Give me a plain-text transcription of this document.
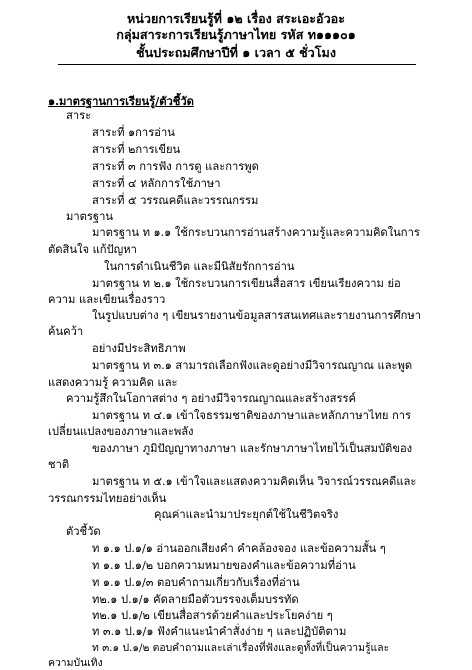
หน่วยการเรียนรู้ที่ ๑๒ เรื่อง สระเอะอัวอะ
กลุ่มสาระการเรียนรู้ภาษาไทย รหัส ท๑๑๑๐๑
ชั้นประถมศึกษาปีที่ ๑ เวลา ๕ ชั่วโมง
๑.มาตรฐานการเรียนรู้/ตัวชี้วัด
สาระ
สาระที่ ๑การอ่าน
สาระที่ ๒การเขียน
สาระที่ ๓ การฟัง การดู และการพูด
สาระที่ ๔ หลักการใช้ภาษา
สาระที่ ๕ วรรณคดีและวรรณกรรม
มาตรฐาน
มาตรฐาน ท ๑.๑ ใช้กระบวนการอ่านสร้างความรู้และความคิดในการ
ตัดสินใจ แก้ปัญหา
ในการดำเนินชีวิต และมีนิสัยรักการอ่าน
มาตรฐาน ท ๒.๑ ใช้กระบวนการเขียนสื่อสาร เขียนเรียงความ ย่อ
ความ และเขียนเรื่องราว
ในรูปแบบต่าง ๆ เขียนรายงานข้อมูลสารสนเทศและรายงานการศึกษา
ค้นคว้า
อย่างมีประสิทธิภาพ
มาตรฐาน ท ๓.๑ สามารถเลือกฟังและดูอย่างมีวิจารณญาณ และพูด
แสดงความรู้ ความคิด และ
ความรู้สึกในโอกาสต่าง ๆ อย่างมีวิจารณญาณและสร้างสรรค์
มาตรฐาน ท ๔.๑ เข้าใจธรรมชาติของภาษาและหลักภาษาไทย การ
เปลี่ยนแปลงของภาษาและพลัง
ของภาษา ภูมิปัญญาทางภาษา และรักษาภาษาไทยไว้เป็นสมบัติของ
ชาติ
มาตรฐาน ท ๕.๑ เข้าใจและแสดงความคิดเห็น วิจารณ์วรรณคดีและ
วรรณกรรมไทยอย่างเห็น
คุณค่าและนำมาประยุกต์ใช้ในชีวิตจริง
ตัวชี้วัด
ท ๑.๑ ป.๑/๑ อ่านออกเสียงคำ คำคล้องจอง และข้อความสั้น ๆ
ท ๑.๑ ป.๑/๒ บอกความหมายของคำและข้อความที่อ่าน
ท ๑.๑ ป.๑/๓ ตอบคำถามเกี่ยวกับเรื่องที่อ่าน
ท๒.๑ ป.๑/๑ คัดลายมือตัวบรรจงเต็มบรรทัด
ท๒.๑ ป.๑/๒ เขียนสื่อสารด้วยคำและประโยคง่าย ๆ
ท ๓.๑ ป.๑/๑ ฟังคำแนะนำคำสั่งง่าย ๆ และปฏิบัติตาม
ท ๓.๑ ป.๑/๒ ตอบคำถามและเล่าเรื่องที่ฟังและดูทั้งที่เป็นความรู้และ
ความบันเทิง
